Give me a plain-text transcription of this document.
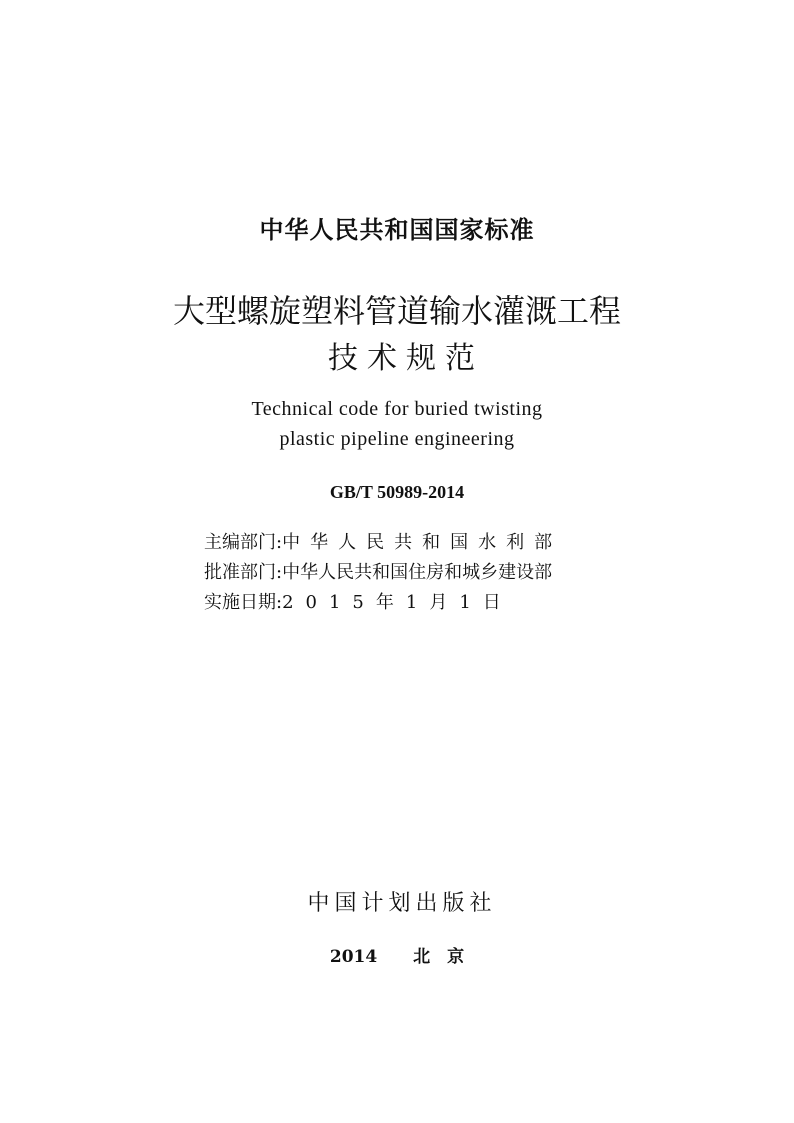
中华人民共和国国家标准
大型螺旋塑料管道输水灌溉工程
技术规范
Technical code for buried twisting
plastic pipeline engineering
GB/T 50989-2014
主编部门: 中华人民共和国水利部
批准部门: 中华人民共和国住房和城乡建设部
实施日期: 2015年1月1日
中国计划出版社
2014 北　京
